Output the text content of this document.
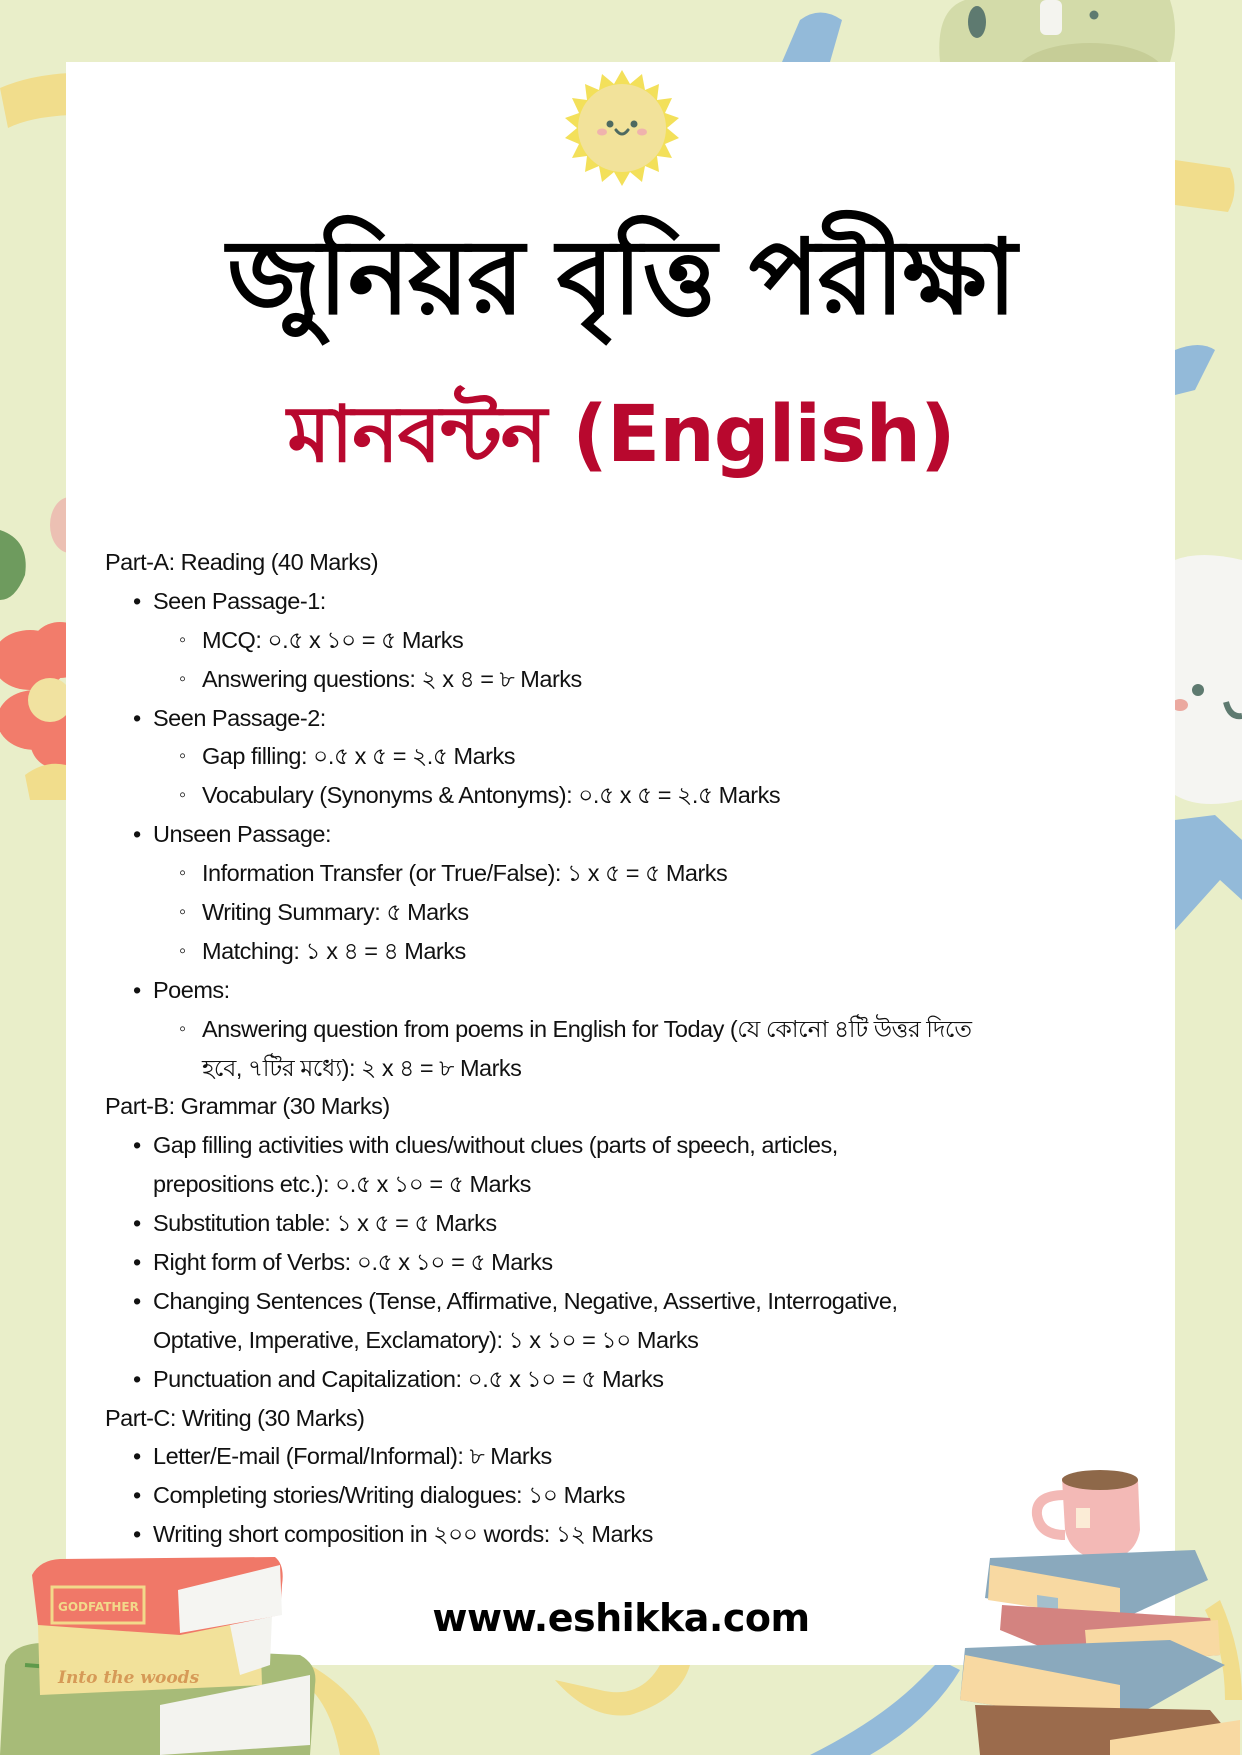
জুনিয়র বৃত্তি পরীক্ষা
মানবন্টন (English)
Part-A: Reading (40 Marks)
• Seen Passage-1:
◦ MCQ: ০.৫ x ১০ = ৫ Marks
◦ Answering questions: ২ x ৪ = ৮ Marks
• Seen Passage-2:
◦ Gap filling: ০.৫ x ৫ = ২.৫ Marks
◦ Vocabulary (Synonyms & Antonyms): ০.৫ x ৫ = ২.৫ Marks
• Unseen Passage:
◦ Information Transfer (or True/False): ১ x ৫ = ৫ Marks
◦ Writing Summary: ৫ Marks
◦ Matching: ১ x ৪ = ৪ Marks
• Poems:
◦ Answering question from poems in English for Today (যে কোনো ৪টি উত্তর দিতে
হবে, ৭টির মধ্যে): ২ x ৪ = ৮ Marks
Part-B: Grammar (30 Marks)
• Gap filling activities with clues/without clues (parts of speech, articles,
prepositions etc.): ০.৫ x ১০ = ৫ Marks
• Substitution table: ১ x ৫ = ৫ Marks
• Right form of Verbs: ০.৫ x ১০ = ৫ Marks
• Changing Sentences (Tense, Affirmative, Negative, Assertive, Interrogative,
Optative, Imperative, Exclamatory): ১ x ১০ = ১০ Marks
• Punctuation and Capitalization: ০.৫ x ১০ = ৫ Marks
Part-C: Writing (30 Marks)
• Letter/E-mail (Formal/Informal): ৮ Marks
• Completing stories/Writing dialogues: ১০ Marks
• Writing short composition in ২০০ words: ১২ Marks
Into the woods
GODFATHER	www.eshikka.com
